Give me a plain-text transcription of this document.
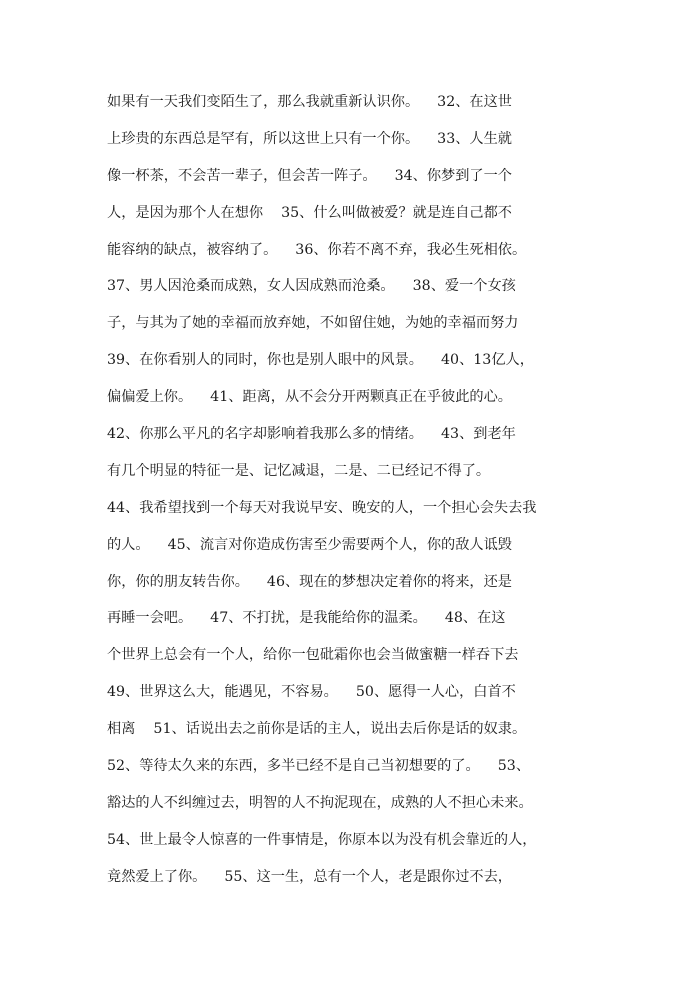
如果有一天我们变陌生了，那么我就重新认识你。    32、在这世
上珍贵的东西总是罕有，所以这世上只有一个你。    33、人生就
像一杯茶，不会苦一辈子，但会苦一阵子。    34、你梦到了一个
人，是因为那个人在想你    35、什么叫做被爱？就是连自己都不
能容纳的缺点，被容纳了。    36、你若不离不弃，我必生死相依。
37、男人因沧桑而成熟，女人因成熟而沧桑。    38、爱一个女孩
子，与其为了她的幸福而放弃她，不如留住她，为她的幸福而努力
39、在你看别人的同时，你也是别人眼中的风景。    40、13亿人，
偏偏爱上你。    41、距离，从不会分开两颗真正在乎彼此的心。
42、你那么平凡的名字却影响着我那么多的情绪。    43、到老年
有几个明显的特征一是、记忆减退，二是、二已经记不得了。
44、我希望找到一个每天对我说早安、晚安的人，一个担心会失去我
的人。    45、流言对你造成伤害至少需要两个人，你的敌人诋毁
你，你的朋友转告你。    46、现在的梦想决定着你的将来，还是
再睡一会吧。    47、不打扰，是我能给你的温柔。    48、在这
个世界上总会有一个人，给你一包砒霜你也会当做蜜糖一样吞下去
49、世界这么大，能遇见，不容易。    50、愿得一人心，白首不
相离    51、话说出去之前你是话的主人，说出去后你是话的奴隶。
52、等待太久来的东西，多半已经不是自己当初想要的了。    53、
豁达的人不纠缠过去，明智的人不拘泥现在，成熟的人不担心未来。
54、世上最令人惊喜的一件事情是，你原本以为没有机会靠近的人，
竟然爱上了你。    55、这一生，总有一个人，老是跟你过不去，
